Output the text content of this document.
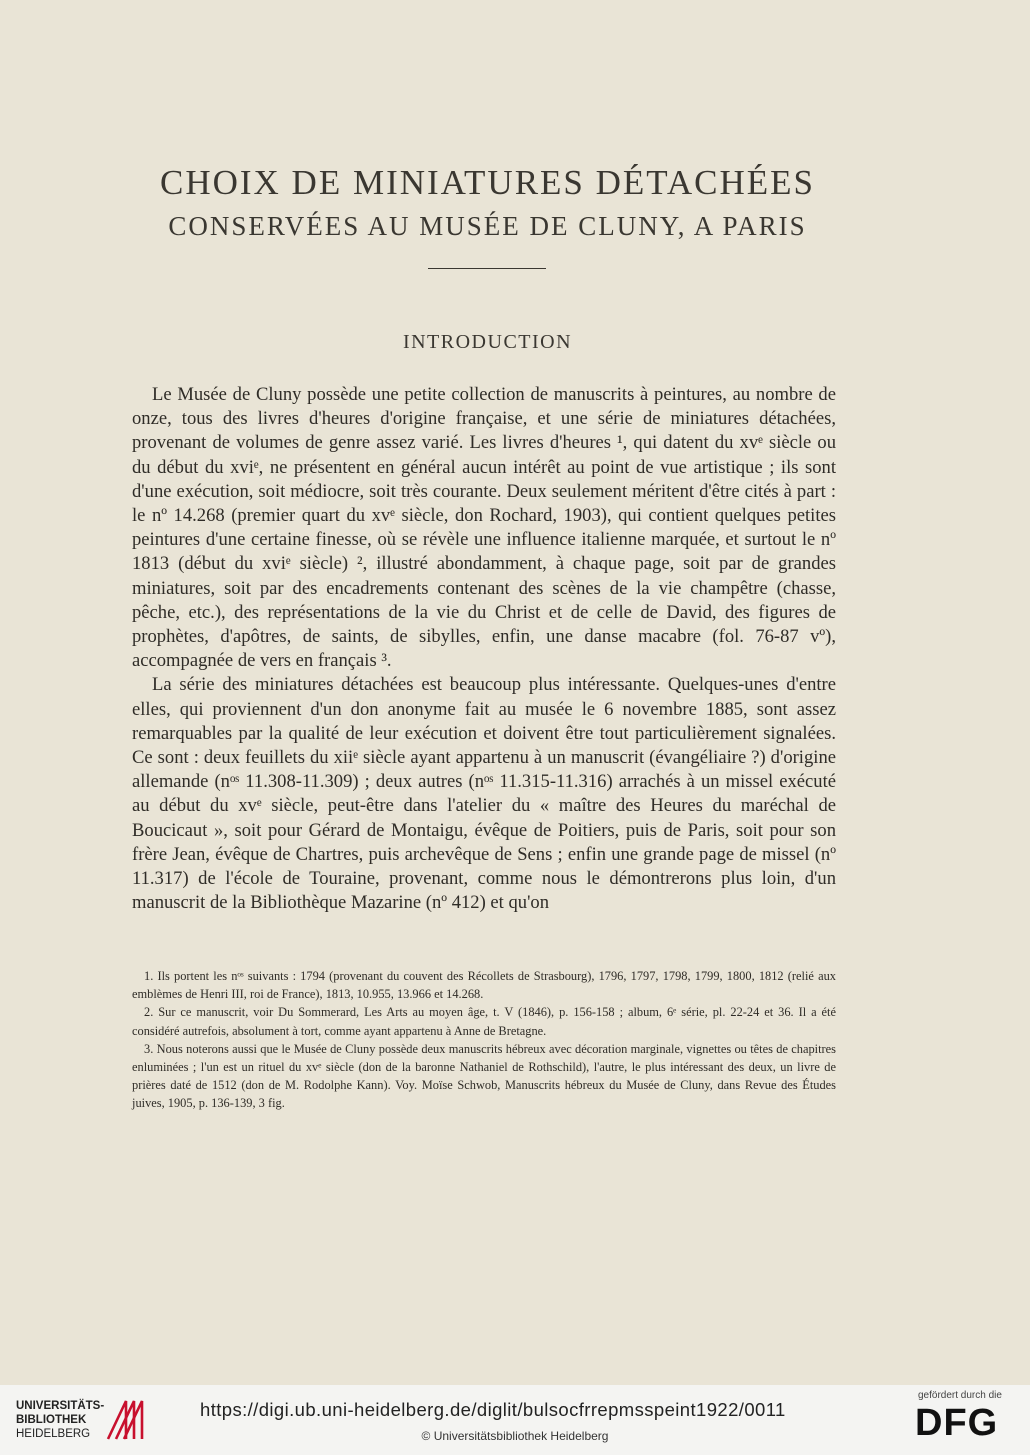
CHOIX DE MINIATURES DÉTACHÉES
CONSERVÉES AU MUSÉE DE CLUNY, A PARIS
INTRODUCTION

Le Musée de Cluny possède une petite collection de manuscrits à peintures, au nombre de onze, tous des livres d'heures d'origine française, et une série de miniatures détachées, provenant de volumes de genre assez varié. Les livres d'heures ¹, qui datent du xvᵉ siècle ou du début du xviᵉ, ne présentent en général aucun intérêt au point de vue artistique ; ils sont d'une exécution, soit médiocre, soit très courante. Deux seulement méritent d'être cités à part : le nº 14.268 (premier quart du xvᵉ siècle, don Rochard, 1903), qui contient quelques petites peintures d'une certaine finesse, où se révèle une influence italienne marquée, et surtout le nº 1813 (début du xviᵉ siècle) ², illustré abondamment, à chaque page, soit par de grandes miniatures, soit par des encadrements contenant des scènes de la vie champêtre (chasse, pêche, etc.), des représentations de la vie du Christ et de celle de David, des figures de prophètes, d'apôtres, de saints, de sibylles, enfin, une danse macabre (fol. 76-87 vº), accompagnée de vers en français ³.

La série des miniatures détachées est beaucoup plus intéressante. Quelques-unes d'entre elles, qui proviennent d'un don anonyme fait au musée le 6 novembre 1885, sont assez remarquables par la qualité de leur exécution et doivent être tout particulièrement signalées. Ce sont : deux feuillets du xiiᵉ siècle ayant appartenu à un manuscrit (évangéliaire ?) d'origine allemande (nᵒˢ 11.308-11.309) ; deux autres (nᵒˢ 11.315-11.316) arrachés à un missel exécuté au début du xvᵉ siècle, peut-être dans l'atelier du « maître des Heures du maréchal de Boucicaut », soit pour Gérard de Montaigu, évêque de Poitiers, puis de Paris, soit pour son frère Jean, évêque de Chartres, puis archevêque de Sens ; enfin une grande page de missel (nº 11.317) de l'école de Touraine, provenant, comme nous le démontrerons plus loin, d'un manuscrit de la Bibliothèque Mazarine (nº 412) et qu'on

1. Ils portent les nᵒˢ suivants : 1794 (provenant du couvent des Récollets de Strasbourg), 1796, 1797, 1798, 1799, 1800, 1812 (relié aux emblèmes de Henri III, roi de France), 1813, 10.955, 13.966 et 14.268.

2. Sur ce manuscrit, voir Du Sommerard, Les Arts au moyen âge, t. V (1846), p. 156-158 ; album, 6ᵉ série, pl. 22-24 et 36. Il a été considéré autrefois, absolument à tort, comme ayant appartenu à Anne de Bretagne.

3. Nous noterons aussi que le Musée de Cluny possède deux manuscrits hébreux avec décoration marginale, vignettes ou têtes de chapitres enluminées ; l'un est un rituel du xvᵉ siècle (don de la baronne Nathaniel de Rothschild), l'autre, le plus intéressant des deux, un livre de prières daté de 1512 (don de M. Rodolphe Kann). Voy. Moïse Schwob, Manuscrits hébreux du Musée de Cluny, dans Revue des Études juives, 1905, p. 136-139, 3 fig.

UNIVERSITÄTS-
BIBLIOTHEK
HEIDELBERG
https://digi.ub.uni-heidelberg.de/diglit/bulsocfrrepmsspeint1922/0011
© Universitätsbibliothek Heidelberg
gefördert durch die
DFG
